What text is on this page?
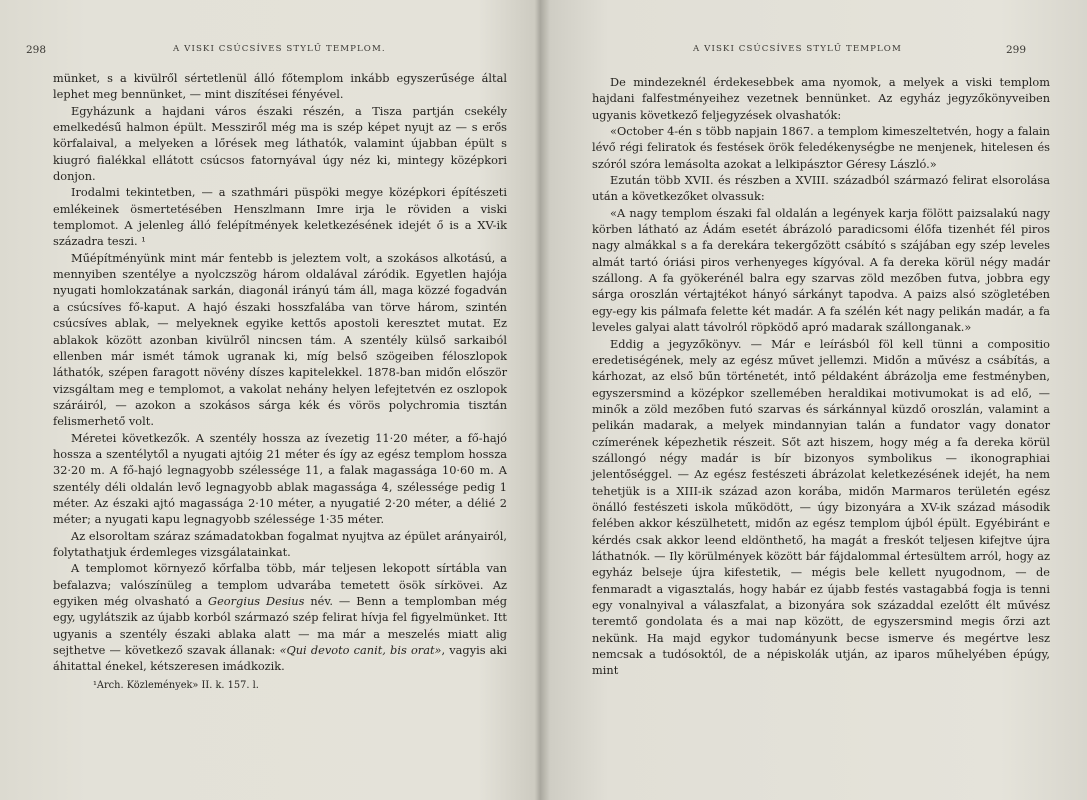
298	A VISKI CSÚCSÍVES STYLŰ TEMPLOM.

münket, s a kivülről sértetlenül álló főtemplom inkább egyszerűsége által lephet meg bennünket, — mint diszítései fényével.

Egyházunk a hajdani város északi részén, a Tisza partján csekély emelkedésű halmon épült. Messziről még ma is szép képet nyujt az — s erős körfalaival, a melyeken a lőrések meg láthatók, valamint újabban épült s kiugró fialékkal ellátott csúcsos fatornyával úgy néz ki, mintegy középkori donjon.

Irodalmi tekintetben, — a szathmári püspöki megye középkori építészeti emlékeinek ösmertetésében Henszlmann Imre irja le röviden a viski templomot. A jelenleg álló felépítmények keletkezésének idejét ő is a XV-ik századra teszi. ¹

Műépítményünk mint már fentebb is jeleztem volt, a szokásos alkotású, a mennyiben szentélye a nyolczszög három oldalával záródik. Egyetlen hajója nyugati homlokzatának sarkán, diagonál irányú tám áll, maga közzé fogadván a csúcsíves fő-kaput. A hajó északi hosszfalába van törve három, szintén csúcsíves ablak, — melyeknek egyike kettős apostoli keresztet mutat. Ez ablakok között azonban kivülről nincsen tám. A szentély külső sarkaiból ellenben már ismét támok ugranak ki, míg belső szögeiben féloszlopok láthatók, szépen faragott növény díszes kapitelekkel. 1878-ban midőn először vizsgáltam meg e templomot, a vakolat nehány helyen lefejtetvén ez oszlopok száráiról, — azokon a szokásos sárga kék és vörös polychromia tisztán felismerhető volt.

Méretei következők. A szentély hossza az ívezetig 11·20 méter, a fő-hajó hossza a szentélytől a nyugati ajtóig 21 méter és így az egész templom hossza 32·20 m. A fő-hajó legnagyobb szélessége 11, a falak magassága 10·60 m. A szentély déli oldalán levő legnagyobb ablak magassága 4, szélessége pedig 1 méter. Az északi ajtó magassága 2·10 méter, a nyugatié 2·20 méter, a délié 2 méter; a nyugati kapu legnagyobb szélessége 1·35 méter.

Az elsoroltam száraz számadatokban fogalmat nyujtva az épület arányairól, folytathatjuk érdemleges vizsgálatainkat.

A templomot környező kőrfalba több, már teljesen lekopott sírtábla van befalazva; valószínüleg a templom udvarába temetett ösök sírkövei. Az egyiken még olvasható a Georgius Desius név. — Benn a templomban még egy, ugylátszik az újabb korból származó szép felirat hívja fel figyelmünket. Itt ugyanis a szentély északi ablaka alatt — ma már a meszelés miatt alig sejthetve — következő szavak állanak: «Qui devoto canit, bis orat», vagyis aki áhitattal énekel, kétszeresen imádkozik.

¹Arch. Közlemények» II. k. 157. l.

A VISKI CSÚCSÍVES STYLŰ TEMPLOM	299

De mindezeknél érdekesebbek ama nyomok, a melyek a viski templom hajdani falfestményeihez vezetnek bennünket. Az egyház jegyzőkönyveiben ugyanis következő feljegyzések olvashatók:

«October 4-én s több napjain 1867. a templom kimeszeltetvén, hogy a falain lévő régi feliratok és festések örök feledékenységbe ne menjenek, hitelesen és szóról szóra lemásolta azokat a lelkipásztor Géresy László.»

Ezután több XVII. és részben a XVIII. századból származó felirat elsorolása után a következőket olvassuk:

«A nagy templom északi fal oldalán a legények karja fölött paizsalakú nagy körben látható az Ádám esetét ábrázoló paradicsomi élőfa tizenhét fél piros nagy almákkal s a fa derekára tekergőzött csábító s szájában egy szép leveles almát tartó óriási piros verhenyeges kígyóval. A fa dereka körül négy madár szállong. A fa gyökerénél balra egy szarvas zöld mezőben futva, jobbra egy sárga oroszlán vértajtékot hányó sárkányt tapodva. A paizs alsó szögletében egy-egy kis pálmafa felette két madár. A fa szélén két nagy pelikán madár, a fa leveles galyai alatt távolról röpködő apró madarak szállonganak.»

Eddig a jegyzőkönyv. — Már e leírásból föl kell tünni a compositio eredetiségének, mely az egész művet jellemzi. Midőn a művész a csábítás, a kárhozat, az első bűn történetét, intő példaként ábrázolja eme festményben, egyszersmind a középkor szellemében heraldikai motivumokat is ad elő, — minők a zöld mezőben futó szarvas és sárkánnyal küzdő oroszlán, valamint a pelikán madarak, a melyek mindannyian talán a fundator vagy donator czímerének képezhetik részeit. Sőt azt hiszem, hogy még a fa dereka körül szállongó négy madár is bír bizonyos symbolikus — ikonographiai jelentőséggel. — Az egész festészeti ábrázolat keletkezésének idejét, ha nem tehetjük is a XIII-ik század azon korába, midőn Marmaros területén egész önálló festészeti iskola működött, — úgy bizonyára a XV-ik század második felében akkor készülhetett, midőn az egész templom újból épült. Egyébiránt e kérdés csak akkor leend eldönthető, ha magát a freskót teljesen kifejtve újra láthatnók. — Ily körülmények között bár fájdalommal értesültem arról, hogy az egyház belseje újra kifestetik, — mégis bele kellett nyugodnom, — de fenmaradt a vigasztalás, hogy habár ez újabb festés vastagabbá fogja is tenni egy vonalnyival a válaszfalat, a bizonyára sok századdal ezelőtt élt művész teremtő gondolata és a mai nap között, de egyszersmind megis őrzi azt nekünk. Ha majd egykor tudományunk becse ismerve és megértve lesz nemcsak a tudósoktól, de a népiskolák utján, az iparos műhelyében épúgy, mint
